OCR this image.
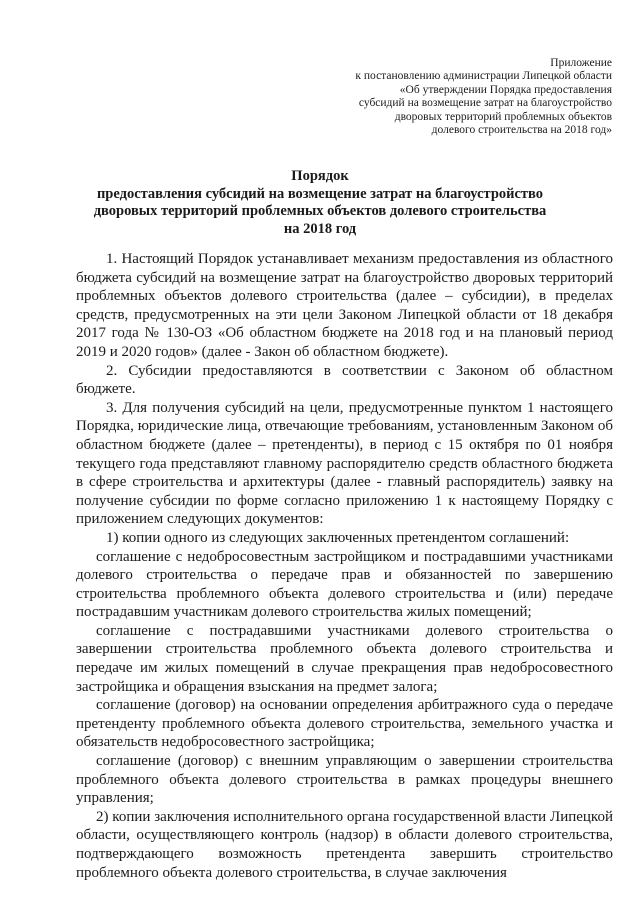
Приложение
к постановлению администрации Липецкой области
«Об утверждении Порядка предоставления
субсидий на возмещение затрат на благоустройство
дворовых территорий проблемных объектов
долевого строительства на 2018 год»
Порядок
предоставления субсидий на возмещение затрат на благоустройство
дворовых территорий проблемных объектов долевого строительства
на 2018 год

1. Настоящий Порядок устанавливает механизм предоставления из областного бюджета субсидий на возмещение затрат на благоустройство дворовых территорий проблемных объектов долевого строительства (далее – субсидии), в пределах средств, предусмотренных на эти цели Законом Липецкой области от 18 декабря 2017 года № 130-ОЗ «Об областном бюджете на 2018 год и на плановый период 2019 и 2020 годов» (далее - Закон об областном бюджете).

2. Субсидии предоставляются в соответствии с Законом об областном бюджете.

3. Для получения субсидий на цели, предусмотренные пунктом 1 настоящего Порядка, юридические лица, отвечающие требованиям, установленным Законом об областном бюджете (далее – претенденты), в период с 15 октября по 01 ноября текущего года представляют главному распорядителю средств областного бюджета в сфере строительства и архитектуры (далее - главный распорядитель) заявку на получение субсидии по форме согласно приложению 1 к настоящему Порядку с приложением следующих документов:

1) копии одного из следующих заключенных претендентом соглашений:

соглашение с недобросовестным застройщиком и пострадавшими участниками долевого строительства о передаче прав и обязанностей по завершению строительства проблемного объекта долевого строительства и (или) передаче пострадавшим участникам долевого строительства жилых помещений;

соглашение с пострадавшими участниками долевого строительства о завершении строительства проблемного объекта долевого строительства и передаче им жилых помещений в случае прекращения прав недобросовестного застройщика и обращения взыскания на предмет залога;

соглашение (договор) на основании определения арбитражного суда о передаче претенденту проблемного объекта долевого строительства, земельного участка и обязательств недобросовестного застройщика;

соглашение (договор) с внешним управляющим о завершении строительства проблемного объекта долевого строительства в рамках процедуры внешнего управления;

2) копии заключения исполнительного органа государственной власти Липецкой области, осуществляющего контроль (надзор) в области долевого строительства, подтверждающего возможность претендента завершить строительство проблемного объекта долевого строительства, в случае заключения
